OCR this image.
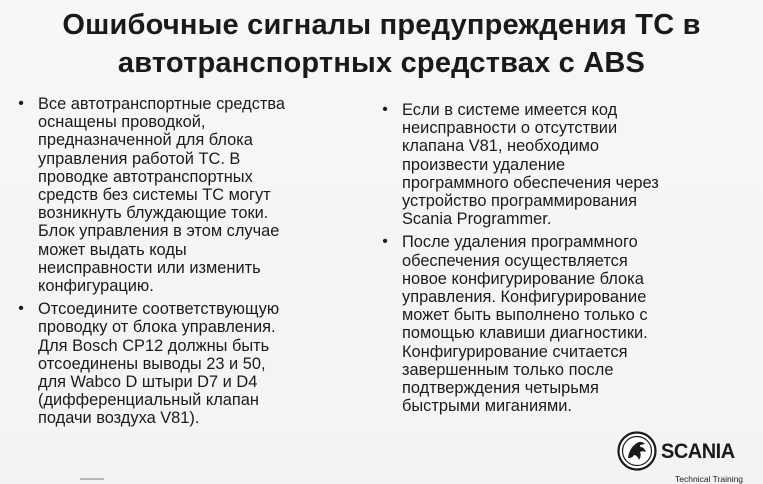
Ошибочные сигналы предупреждения ТС в
автотранспортных средствах с ABS
• Все автотранспортные средства
оснащены проводкой,
предназначенной для блока
управления работой ТС. В
проводке автотранспортных
средств без системы ТС могут
возникнуть блуждающие токи.
Блок управления в этом случае
может выдать коды
неисправности или изменить
конфигурацию.
• Отсоедините соответствующую
проводку от блока управления.
Для Bosch CP12 должны быть
отсоединены выводы 23 и 50,
для Wabco D штыри D7 и D4
(дифференциальный клапан
подачи воздуха V81).
• Если в системе имеется код
неисправности о отсутствии
клапана V81, необходимо
произвести удаление
программного обеспечения через
устройство программирования
Scania Programmer.
• После удаления программного
обеспечения осуществляется
новое конфигурирование блока
управления. Конфигурирование
может быть выполнено только с
помощью клавиши диагностики.
Конфигурирование считается
завершенным только после
подтверждения четырьмя
быстрыми миганиями.
SCANIA
Technical Training
